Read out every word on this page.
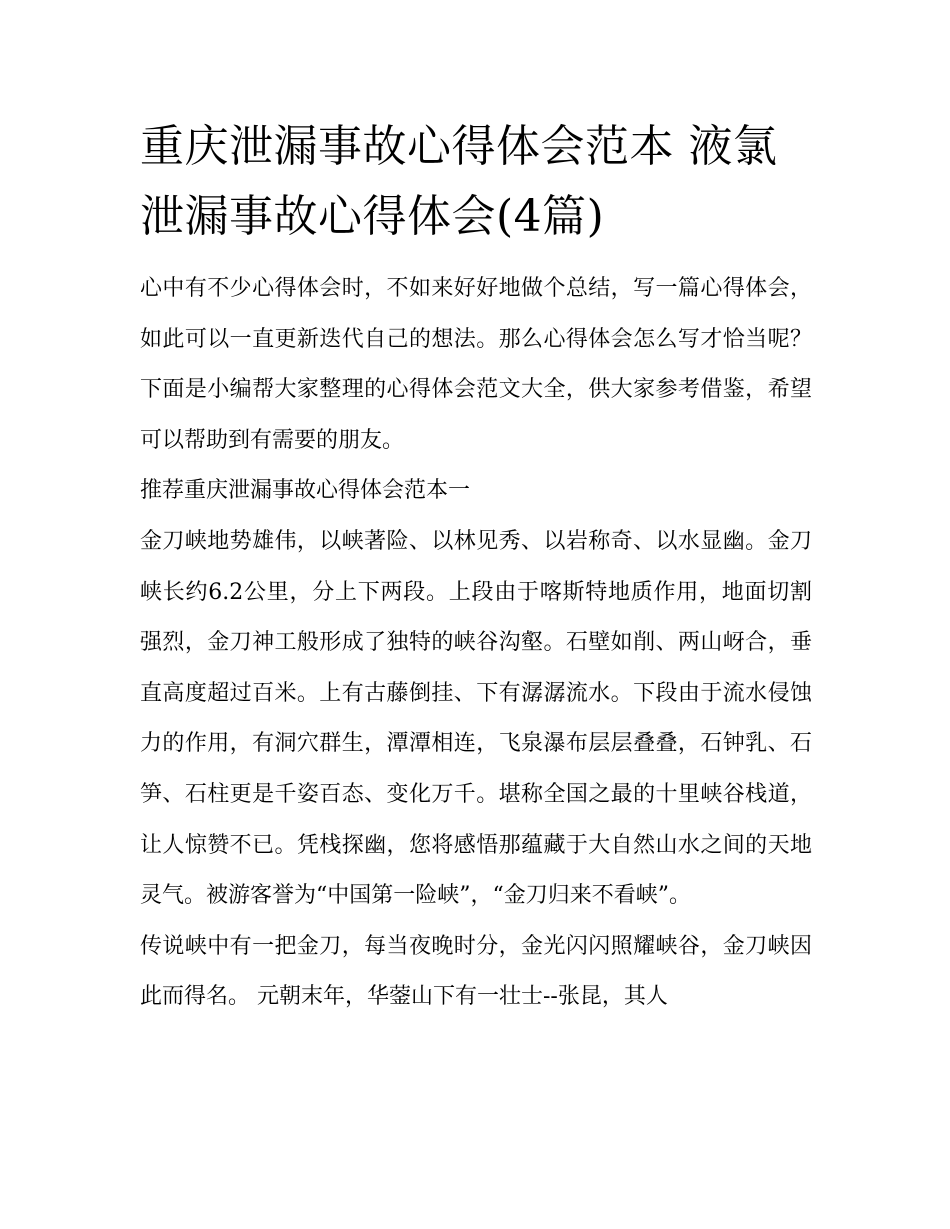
重庆泄漏事故心得体会范本 液氯泄漏事故心得体会(4篇)

心中有不少心得体会时，不如来好好地做个总结，写一篇心得体会，如此可以一直更新迭代自己的想法。那么心得体会怎么写才恰当呢？下面是小编帮大家整理的心得体会范文大全，供大家参考借鉴，希望可以帮助到有需要的朋友。

推荐重庆泄漏事故心得体会范本一

金刀峡地势雄伟，以峡著险、以林见秀、以岩称奇、以水显幽。金刀峡长约6.2公里，分上下两段。上段由于喀斯特地质作用，地面切割强烈，金刀神工般形成了独特的峡谷沟壑。石壁如削、两山岈合，垂直高度超过百米。上有古藤倒挂、下有潺潺流水。下段由于流水侵蚀力的作用，有洞穴群生，潭潭相连，飞泉瀑布层层叠叠，石钟乳、石笋、石柱更是千姿百态、变化万千。堪称全国之最的十里峡谷栈道，让人惊赞不已。凭栈探幽，您将感悟那蕴藏于大自然山水之间的天地灵气。被游客誉为“中国第一险峡”，“金刀归来不看峡”。

传说峡中有一把金刀，每当夜晚时分，金光闪闪照耀峡谷，金刀峡因此而得名。 元朝末年，华蓥山下有一壮士--张昆，其人
